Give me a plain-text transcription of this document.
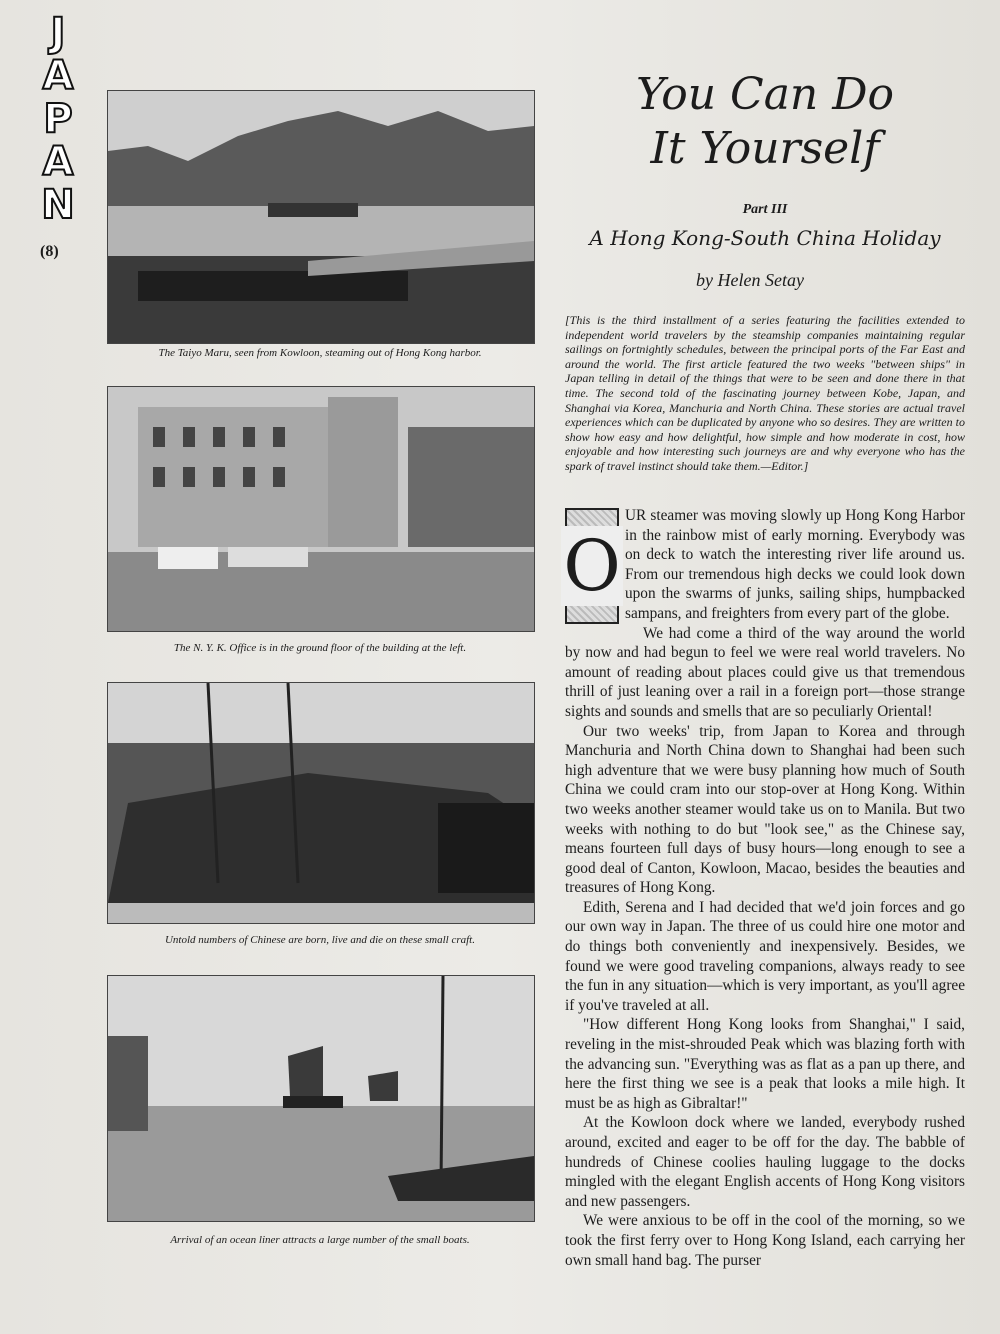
J
A
P
A
N
(8)
The Taiyo Maru, seen from Kowloon, steaming out of Hong Kong harbor.
The N. Y. K. Office is in the ground floor of the building at the left.
Untold numbers of Chinese are born, live and die on these small craft.
Arrival of an ocean liner attracts a large number of the small boats.
You Can Do
It Yourself
Part III
A Hong Kong-South China Holiday
by Helen Setay
[This is the third installment of a series featuring the facilities extended to independent world travelers by the steamship companies maintaining regular sailings on fortnightly schedules, between the principal ports of the Far East and around the world. The first article featured the two weeks "between ships" in Japan telling in detail of the things that were to be seen and done there in that time. The second told of the fascinating journey between Kobe, Japan, and Shanghai via Korea, Manchuria and North China. These stories are actual travel experiences which can be duplicated by anyone who so desires. They are written to show how easy and how delightful, how simple and how moderate in cost, how enjoyable and how interesting such journeys are and why everyone who has the spark of travel instinct should take them.—Editor.]
O

UR steamer was moving slowly up Hong Kong Harbor in the rainbow mist of early morning. Everybody was on deck to watch the interesting river life around us. From our tremendous high decks we could look down upon the swarms of junks, sailing ships, humpbacked sampans, and freighters from every part of the globe.

We had come a third of the way around the world by now and had begun to feel we were real world travelers. No amount of reading about places could give us that tremendous thrill of just leaning over a rail in a foreign port—those strange sights and sounds and smells that are so peculiarly Oriental!

Our two weeks' trip, from Japan to Korea and through Manchuria and North China down to Shanghai had been such high adventure that we were busy planning how much of South China we could cram into our stop-over at Hong Kong. Within two weeks another steamer would take us on to Manila. But two weeks with nothing to do but "look see," as the Chinese say, means fourteen full days of busy hours—long enough to see a good deal of Canton, Kowloon, Macao, besides the beauties and treasures of Hong Kong.

Edith, Serena and I had decided that we'd join forces and go our own way in Japan. The three of us could hire one motor and do things both conveniently and inexpensively. Besides, we found we were good traveling companions, always ready to see the fun in any situation—which is very important, as you'll agree if you've traveled at all.

"How different Hong Kong looks from Shanghai," I said, reveling in the mist-shrouded Peak which was blazing forth with the advancing sun. "Everything was as flat as a pan up there, and here the first thing we see is a peak that looks a mile high. It must be as high as Gibraltar!"

At the Kowloon dock where we landed, everybody rushed around, excited and eager to be off for the day. The babble of hundreds of Chinese coolies hauling luggage to the docks mingled with the elegant English accents of Hong Kong visitors and new passengers.

We were anxious to be off in the cool of the morning, so we took the first ferry over to Hong Kong Island, each carrying her own small hand bag. The purser
